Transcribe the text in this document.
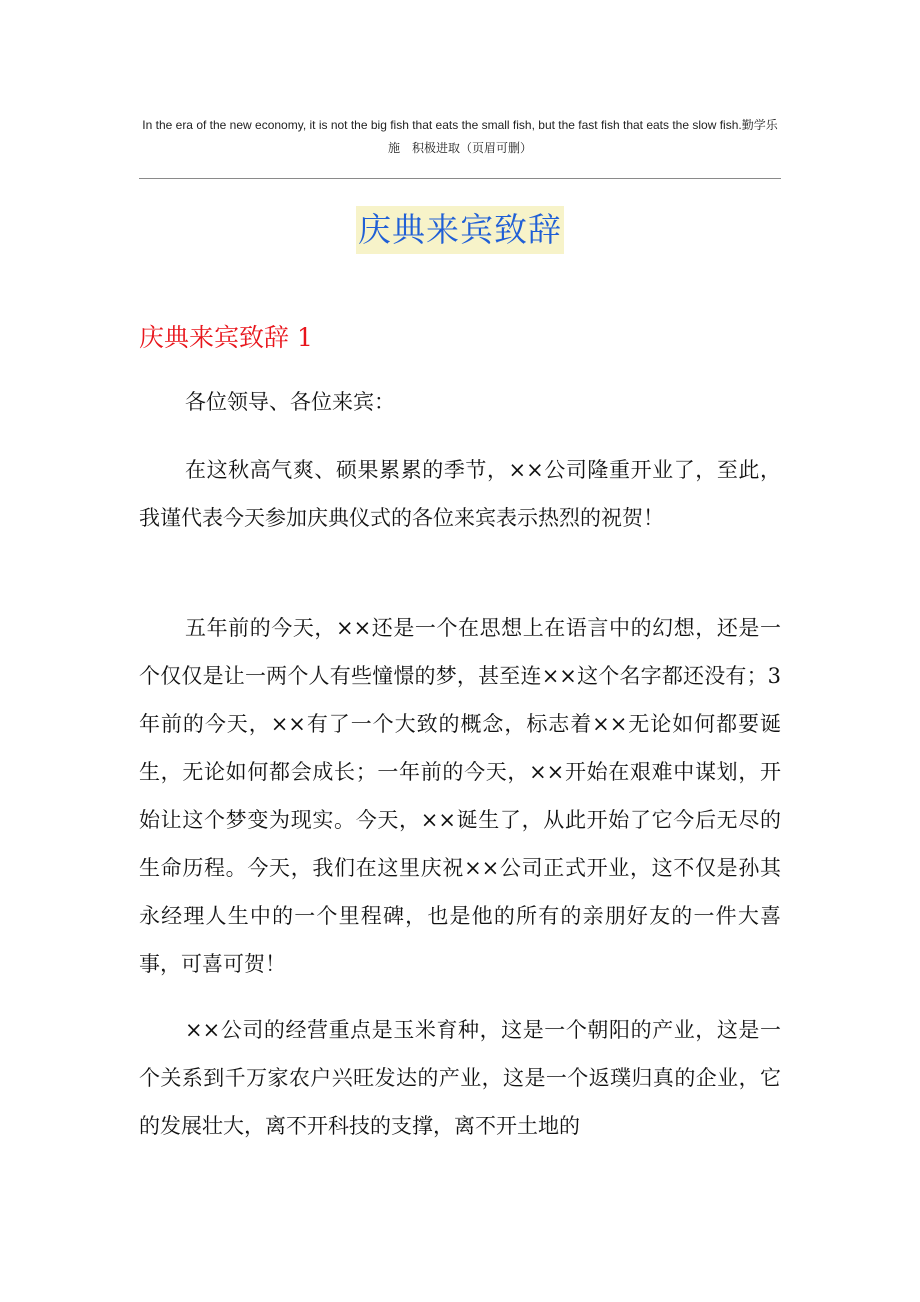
In the era of the new economy, it is not the big fish that eats the small fish, but the fast fish that eats the slow fish.勤学乐施　积极进取（页眉可删）
庆典来宾致辞
庆典来宾致辞 1

各位领导、各位来宾：

在这秋高气爽、硕果累累的季节，××公司隆重开业了，至此，我谨代表今天参加庆典仪式的各位来宾表示热烈的祝贺！

五年前的今天，××还是一个在思想上在语言中的幻想，还是一个仅仅是让一两个人有些憧憬的梦，甚至连××这个名字都还没有；3年前的今天，××有了一个大致的概念，标志着××无论如何都要诞生，无论如何都会成长；一年前的今天，××开始在艰难中谋划，开始让这个梦变为现实。今天，××诞生了，从此开始了它今后无尽的生命历程。今天，我们在这里庆祝××公司正式开业，这不仅是孙其永经理人生中的一个里程碑，也是他的所有的亲朋好友的一件大喜事，可喜可贺！

××公司的经营重点是玉米育种，这是一个朝阳的产业，这是一个关系到千万家农户兴旺发达的产业，这是一个返璞归真的企业，它的发展壮大，离不开科技的支撑，离不开土地的
